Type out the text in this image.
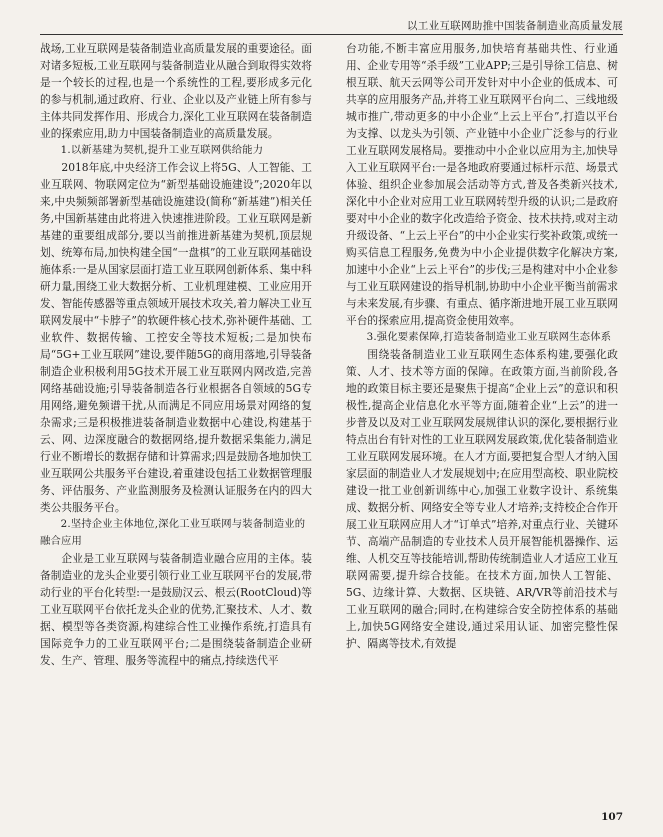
以工业互联网助推中国装备制造业高质量发展

战场,工业互联网是装备制造业高质量发展的重要途径。面对诸多短板,工业互联网与装备制造业从融合到取得实效将是一个较长的过程,也是一个系统性的工程,要形成多元化的参与机制,通过政府、行业、企业以及产业链上所有参与主体共同发挥作用、形成合力,深化工业互联网在装备制造业的探索应用,助力中国装备制造业的高质量发展。

1.以新基建为契机,提升工业互联网供给能力

2018年底,中央经济工作会议上将5G、人工智能、工业互联网、物联网定位为“新型基础设施建设”;2020年以来,中央频频部署新型基础设施建设(简称“新基建”)相关任务,中国新基建由此将进入快速推进阶段。工业互联网是新基建的重要组成部分,要以当前推进新基建为契机,顶层规划、统筹布局,加快构建全国“一盘棋”的工业互联网基础设施体系:一是从国家层面打造工业互联网创新体系、集中科研力量,围绕工业大数据分析、工业机理建模、工业应用开发、智能传感器等重点领域开展技术攻关,着力解决工业互联网发展中“卡脖子”的软硬件核心技术,弥补硬件基础、工业软件、数据传输、工控安全等技术短板;二是加快布局“5G+工业互联网”建设,要伴随5G的商用落地,引导装备制造企业积极利用5G技术开展工业互联网内网改造,完善网络基础设施;引导装备制造各行业根据各自领域的5G专用网络,避免频谱干扰,从而满足不同应用场景对网络的复杂需求;三是积极推进装备制造业数据中心建设,构建基于云、网、边深度融合的数据网络,提升数据采集能力,满足行业不断增长的数据存储和计算需求;四是鼓励各地加快工业互联网公共服务平台建设,着重建设包括工业数据管理服务、评估服务、产业监测服务及检测认证服务在内的四大类公共服务平台。

2.坚持企业主体地位,深化工业互联网与装备制造业的融合应用

企业是工业互联网与装备制造业融合应用的主体。装备制造业的龙头企业要引领行业工业互联网平台的发展,带动行业的平台化转型:一是鼓励汉云、根云(RootCloud)等工业互联网平台依托龙头企业的优势,汇聚技术、人才、数据、模型等各类资源,构建综合性工业操作系统,打造具有国际竞争力的工业互联网平台;二是围绕装备制造企业研发、生产、管理、服务等流程中的痛点,持续迭代平

台功能,不断丰富应用服务,加快培育基础共性、行业通用、企业专用等“杀手级”工业APP;三是引导徐工信息、树根互联、航天云网等公司开发针对中小企业的低成本、可共享的应用服务产品,并将工业互联网平台向二、三线地级城市推广,带动更多的中小企业“上云上平台”,打造以平台为支撑、以龙头为引领、产业链中小企业广泛参与的行业工业互联网发展格局。要推动中小企业以应用为主,加快导入工业互联网平台:一是各地政府要通过标杆示范、场景式体验、组织企业参加展会活动等方式,普及各类新兴技术,深化中小企业对应用工业互联网转型升级的认识;二是政府要对中小企业的数字化改造给予资金、技术扶持,或对主动升级设备、“上云上平台”的中小企业实行奖补政策,或统一购买信息工程服务,免费为中小企业提供数字化解决方案,加速中小企业“上云上平台”的步伐;三是构建对中小企业参与工业互联网建设的指导机制,协助中小企业平衡当前需求与未来发展,有步骤、有重点、循序渐进地开展工业互联网平台的探索应用,提高资金使用效率。

3.强化要素保障,打造装备制造业工业互联网生态体系

围绕装备制造业工业互联网生态体系构建,要强化政策、人才、技术等方面的保障。在政策方面,当前阶段,各地的政策目标主要还是聚焦于提高“企业上云”的意识和积极性,提高企业信息化水平等方面,随着企业“上云”的进一步普及以及对工业互联网发展规律认识的深化,要根据行业特点出台有针对性的工业互联网发展政策,优化装备制造业工业互联网发展环境。在人才方面,要把复合型人才纳入国家层面的制造业人才发展规划中;在应用型高校、职业院校建设一批工业创新训练中心,加强工业数字设计、系统集成、数据分析、网络安全等专业人才培养;支持校企合作开展工业互联网应用人才“订单式”培养,对重点行业、关键环节、高端产品制造的专业技术人员开展智能机器操作、运维、人机交互等技能培训,帮助传统制造业人才适应工业互联网需要,提升综合技能。在技术方面,加快人工智能、5G、边缘计算、大数据、区块链、AR/VR等前沿技术与工业互联网的融合;同时,在构建综合安全防控体系的基础上,加快5G网络安全建设,通过采用认证、加密完整性保护、隔离等技术,有效提

107
